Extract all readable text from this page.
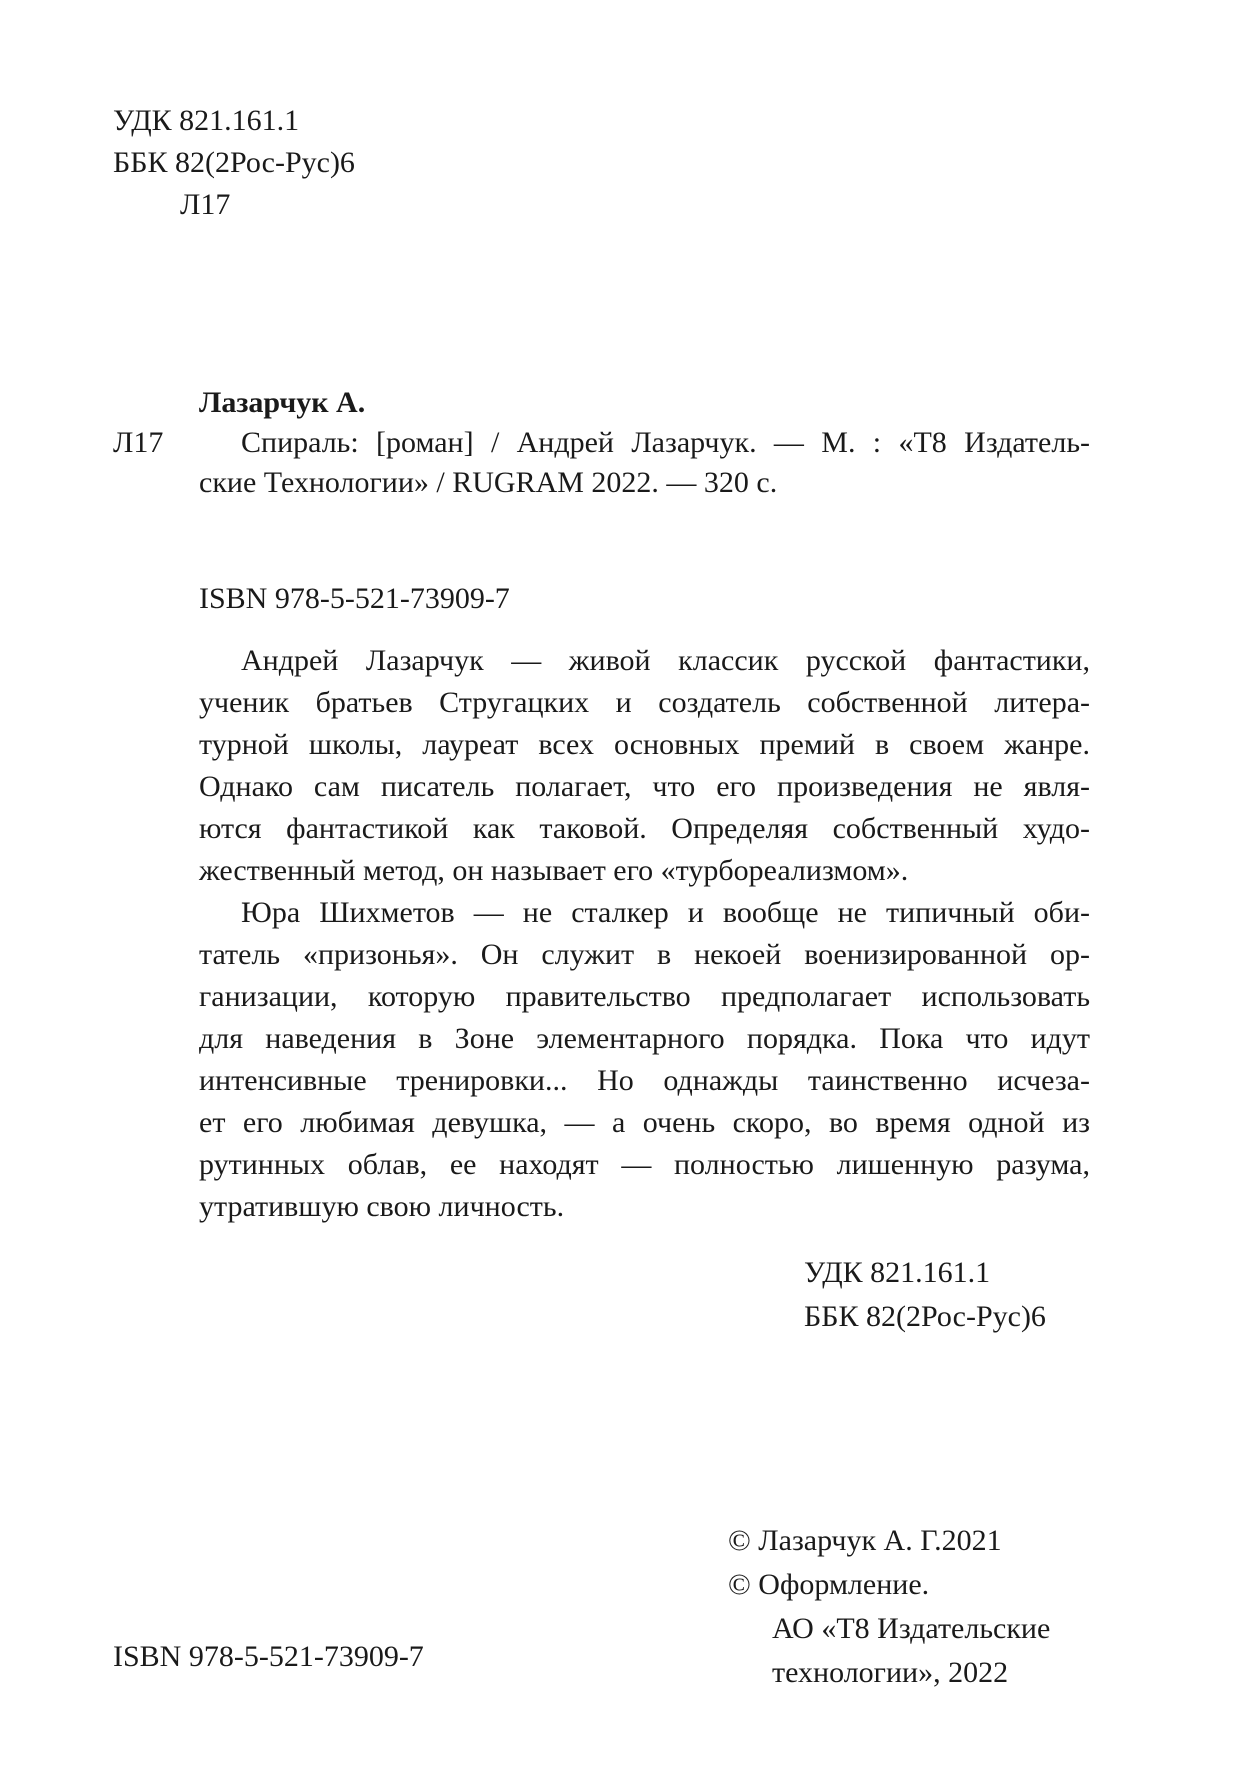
УДК 821.161.1
ББК 82(2Рос-Рус)6
Л17
Лазарчук А.
Л17	Спираль: [роман] / Андрей Лазарчук. — М. : «Т8 Издатель-
ские Технологии» / RUGRAM 2022. — 320 с.
ISBN 978-5-521-73909-7
Андрей Лазарчук — живой классик русской фантастики,
ученик братьев Стругацких и создатель собственной литера-
турной школы, лауреат всех основных премий в своем жанре.
Однако сам писатель полагает, что его произведения не явля-
ются фантастикой как таковой. Определяя собственный худо-
жественный метод, он называет его «турбореализмом».
Юра Шихметов — не сталкер и вообще не типичный оби-
татель «призонья». Он служит в некоей военизированной ор-
ганизации, которую правительство предполагает использовать
для наведения в Зоне элементарного порядка. Пока что идут
интенсивные тренировки... Но однажды таинственно исчеза-
ет его любимая девушка, — а очень скоро, во время одной из
рутинных облав, ее находят — полностью лишенную разума,
утратившую свою личность.
УДК 821.161.1
ББК 82(2Рос-Рус)6
© Лазарчук А. Г.2021
© Оформление.
АО «Т8 Издательские
технологии», 2022
ISBN 978-5-521-73909-7
